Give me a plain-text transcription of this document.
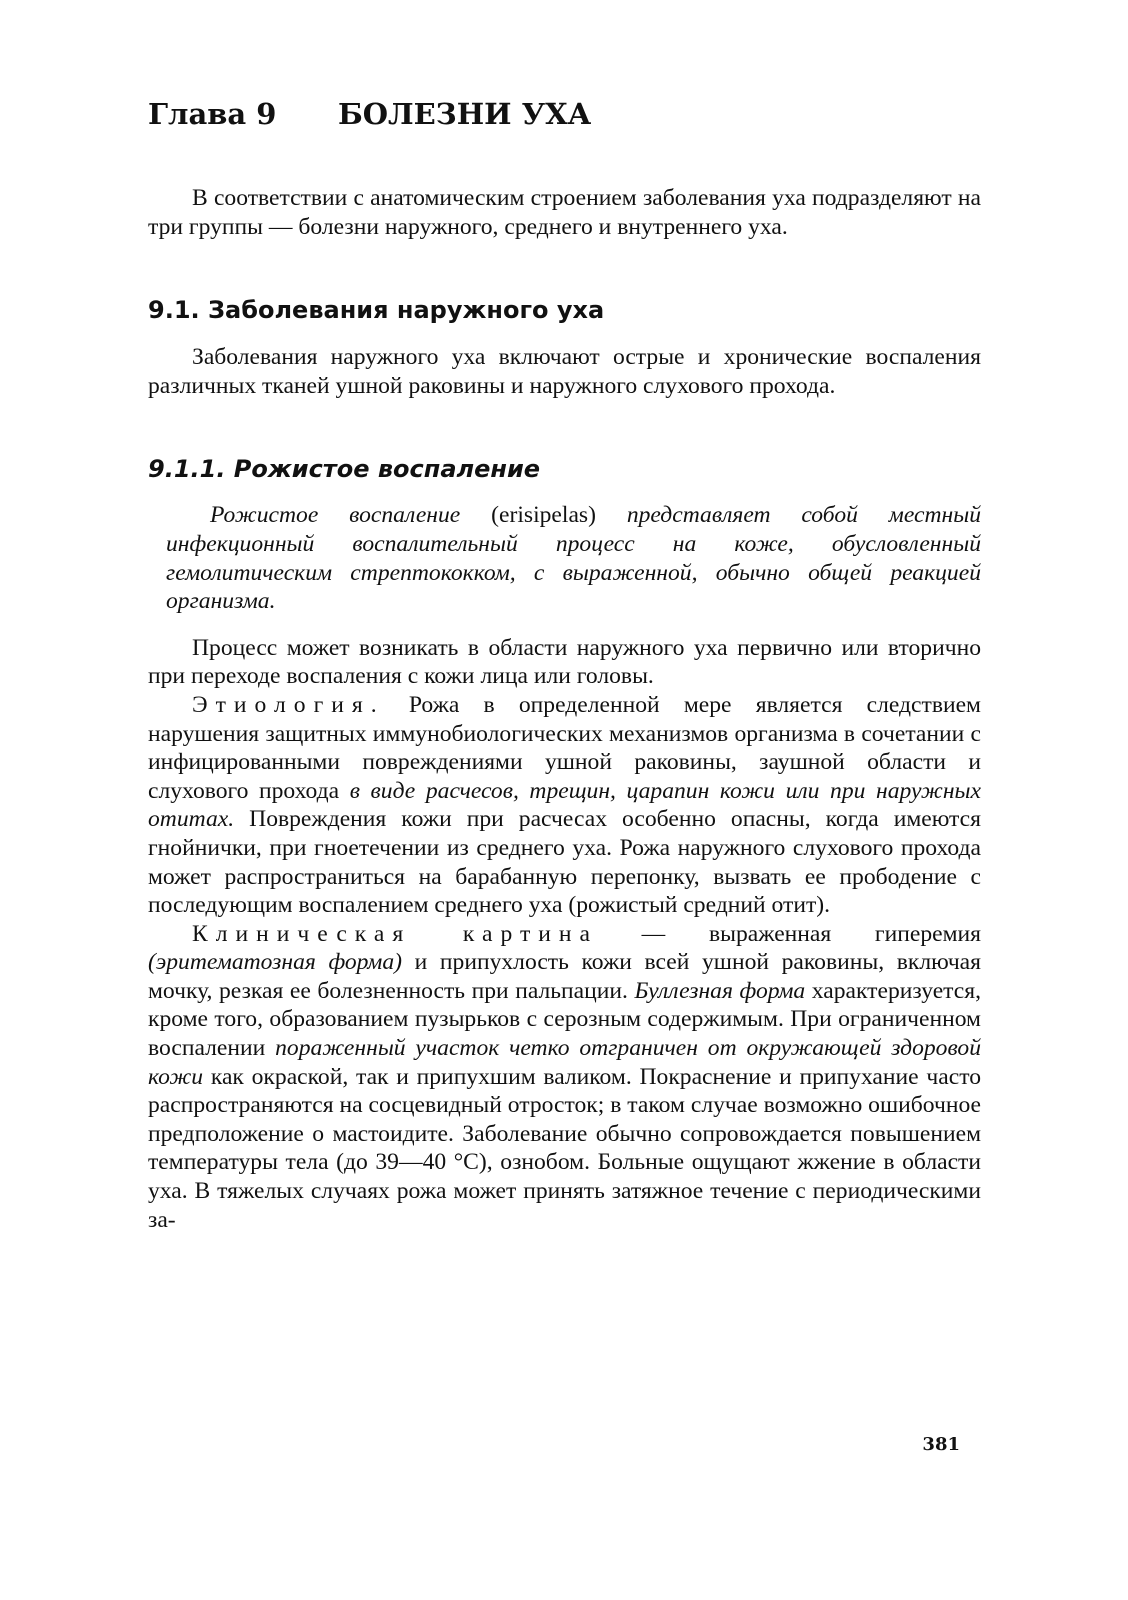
Глава 9 БОЛЕЗНИ УХА

В соответствии с анатомическим строением заболевания уха подразделяют на три группы — болезни наружного, среднего и внутреннего уха.

9.1. Заболевания наружного уха

Заболевания наружного уха включают острые и хронические воспаления различных тканей ушной раковины и наружного слухового прохода.

9.1.1. Рожистое воспаление

Рожистое воспаление (erisipelas) представляет собой местный инфекционный воспалительный процесс на коже, обусловленный гемолитическим стрептококком, с выраженной, обычно общей реакцией организма.

Процесс может возникать в области наружного уха первично или вторично при переходе воспаления с кожи лица или головы.

Этиология. Рожа в определенной мере является следствием нарушения защитных иммунобиологических механизмов организма в сочетании с инфицированными повреждениями ушной раковины, заушной области и слухового прохода в виде расчесов, трещин, царапин кожи или при наружных отитах. Повреждения кожи при расчесах особенно опасны, когда имеются гнойнички, при гноетечении из среднего уха. Рожа наружного слухового прохода может распространиться на барабанную перепонку, вызвать ее прободение с последующим воспалением среднего уха (рожистый средний отит).

Клиническая картина — выраженная гиперемия (эритематозная форма) и припухлость кожи всей ушной раковины, включая мочку, резкая ее болезненность при пальпации. Буллезная форма характеризуется, кроме того, образованием пузырьков с серозным содержимым. При ограниченном воспалении пораженный участок четко отграничен от окружающей здоровой кожи как окраской, так и припухшим валиком. Покраснение и припухание часто распространяются на сосцевидный отросток; в таком случае возможно ошибочное предположение о мастоидите. Заболевание обычно сопровождается повышением температуры тела (до 39—40 °С), ознобом. Больные ощущают жжение в области уха. В тяжелых случаях рожа может принять затяжное течение с периодическими за-

381
